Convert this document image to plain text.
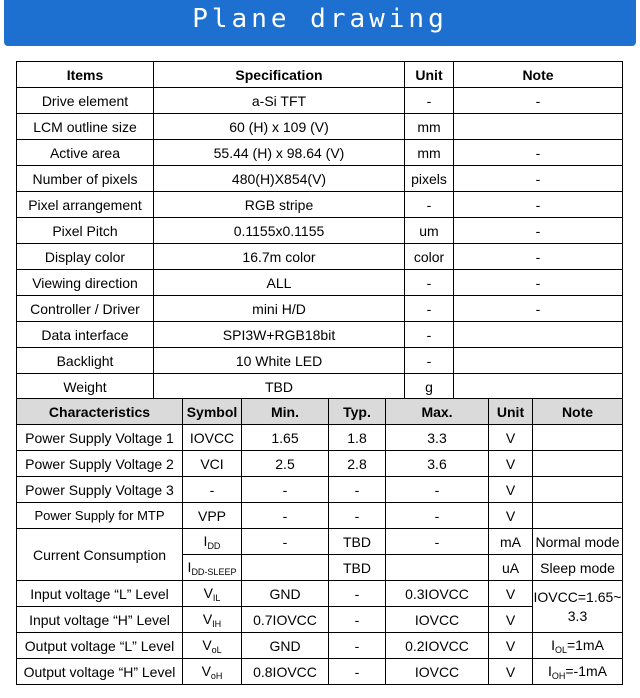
Plane drawing
Items	Specification	Unit	Note
Drive element	a-Si TFT	-	-
LCM outline size	60 (H) x 109 (V)	mm	
Active area	55.44 (H) x 98.64 (V)	mm	-
Number of pixels	480(H)X854(V)	pixels	-
Pixel arrangement	RGB stripe	-	-
Pixel Pitch	0.1155x0.1155	um	-
Display color	16.7m color	color	-
Viewing direction	ALL	-	-
Controller / Driver	mini H/D	-	-
Data interface	SPI3W+RGB18bit	-	
Backlight	10 White LED	-	
Weight	TBD	g	
Characteristics	Symbol	Min.	Typ.	Max.	Unit	Note
Power Supply Voltage 1	IOVCC	1.65	1.8	3.3	V	
Power Supply Voltage 2	VCI	2.5	2.8	3.6	V	
Power Supply Voltage 3	-	-	-	-	V	
Power Supply for MTP	VPP	-	-	-	V	
Current Consumption	$I_{DD}$	-	TBD	-	mA	Normal mode
	$I_{DD-SLEEP}$		TBD		uA	Sleep mode
Input voltage “L” Level	$V_{IL}$	GND	-	0.3IOVCC	V	IOVCC=1.65~ 3.3
Input voltage “H” Level	$V_{IH}$	0.7IOVCC	-	IOVCC	V	
Output voltage “L” Level	$V_{oL}$	GND	-	0.2IOVCC	V	$I_{OL}=1mA$
Output voltage “H” Level	$V_{oH}$	0.8IOVCC	-	IOVCC	V	$I_{OH}=-1mA$
